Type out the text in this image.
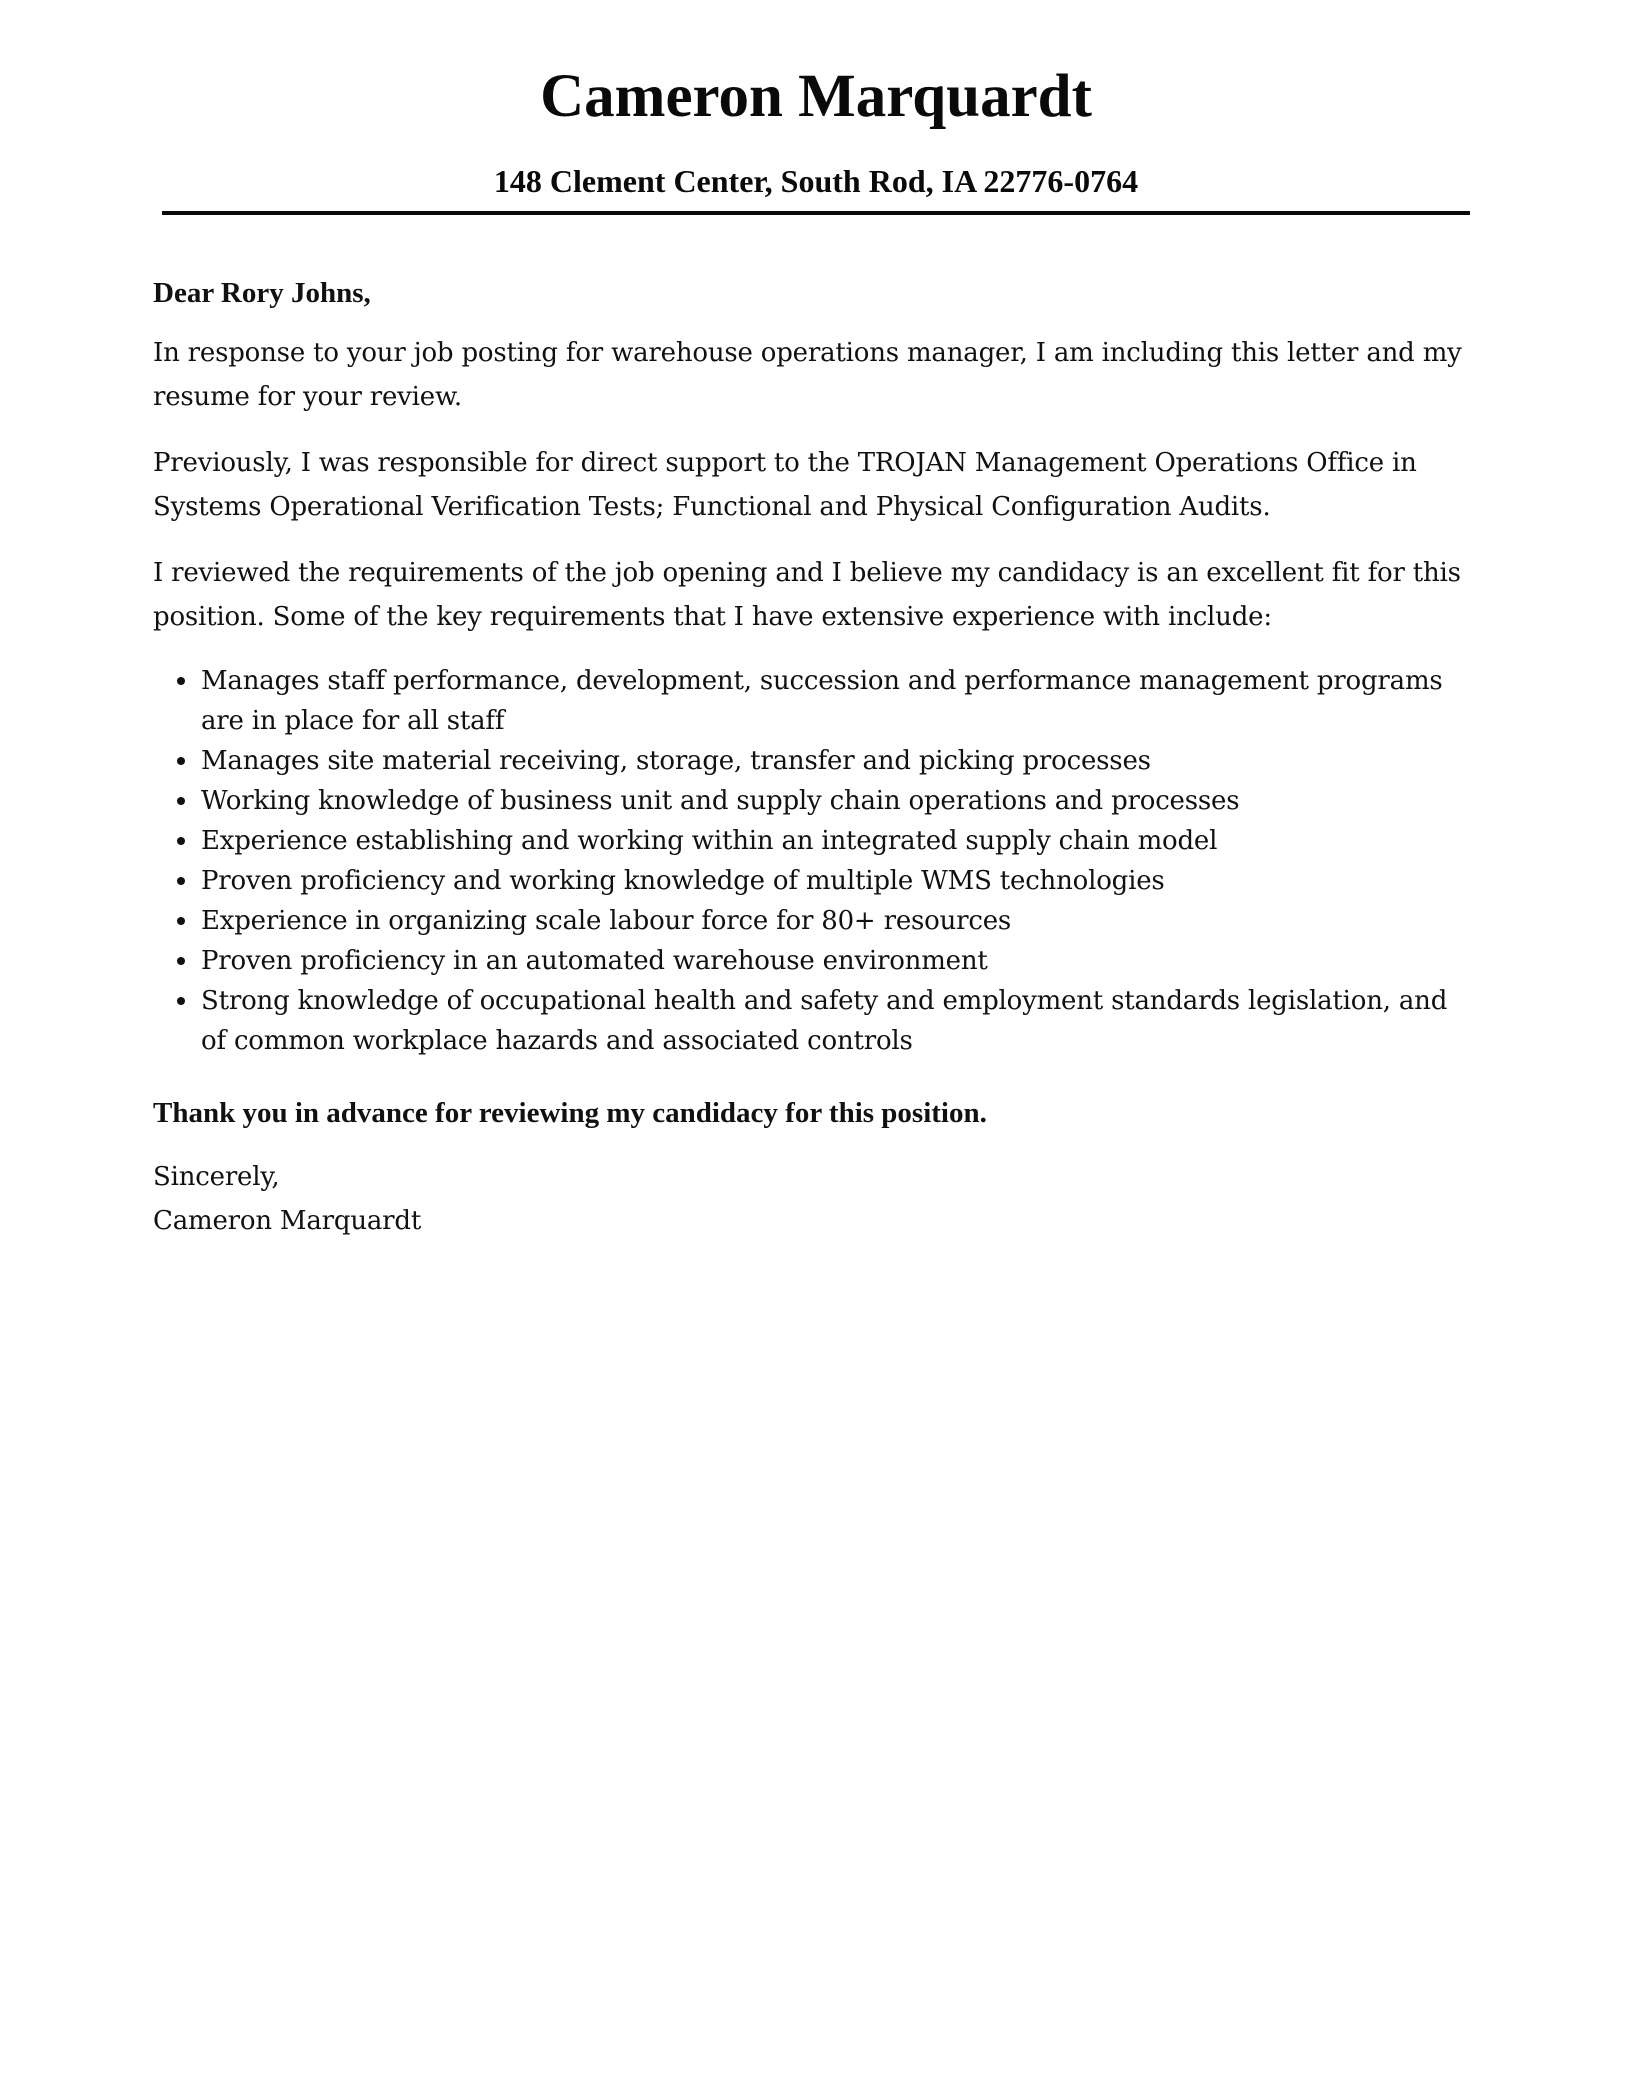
Cameron Marquardt

148 Clement Center, South Rod, IA 22776-0764

Dear Rory Johns,

In response to your job posting for warehouse operations manager, I am including this letter and my resume for your review.

Previously, I was responsible for direct support to the TROJAN Management Operations Office in Systems Operational Verification Tests; Functional and Physical Configuration Audits.

I reviewed the requirements of the job opening and I believe my candidacy is an excellent fit for this position. Some of the key requirements that I have extensive experience with include:

Manages staff performance, development, succession and performance management programs are in place for all staff
Manages site material receiving, storage, transfer and picking processes
Working knowledge of business unit and supply chain operations and processes
Experience establishing and working within an integrated supply chain model
Proven proficiency and working knowledge of multiple WMS technologies
Experience in organizing scale labour force for 80+ resources
Proven proficiency in an automated warehouse environment
Strong knowledge of occupational health and safety and employment standards legislation, and of common workplace hazards and associated controls

Thank you in advance for reviewing my candidacy for this position.

Sincerely,

Cameron Marquardt
